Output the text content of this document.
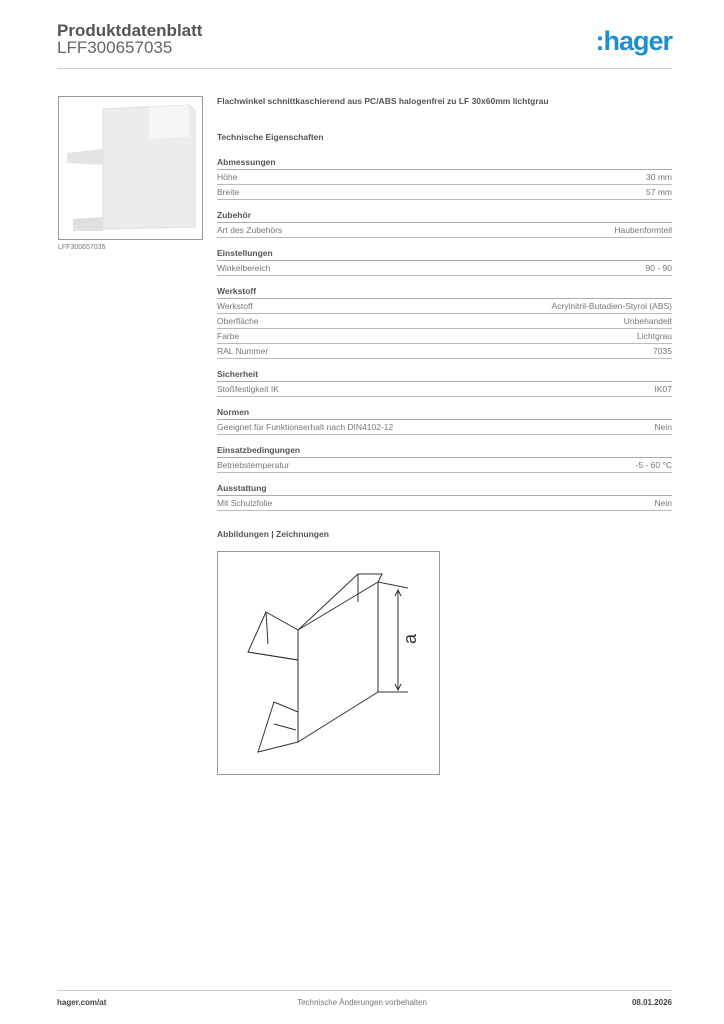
Produktdatenblatt
LFF300657035	:hager
LFF300657035
Flachwinkel schnittkaschierend aus PC/ABS halogenfrei zu LF 30x60mm lichtgrau
Technische Eigenschaften
Abmessungen
Höhe	30 mm
Breite	57 mm
Zubehör
Art des Zubehörs	Haubenformteil
Einstellungen
Winkelbereich	90 - 90
Werkstoff
Werkstoff	Acrylnitril-Butadien-Styrol (ABS)
Oberfläche	Unbehandelt
Farbe	Lichtgrau
RAL Nummer	7035
Sicherheit
Stoßfestigkeit IK	IK07
Normen
Geeignet für Funktionserhalt nach DIN4102-12	Nein
Einsatzbedingungen
Betriebstemperatur	-5 - 60 °C
Ausstattung
Mit Schutzfolie	Nein
Abbildungen | Zeichnungen
a
hager.com/at	Technische Änderungen vorbehalten	08.01.2026
